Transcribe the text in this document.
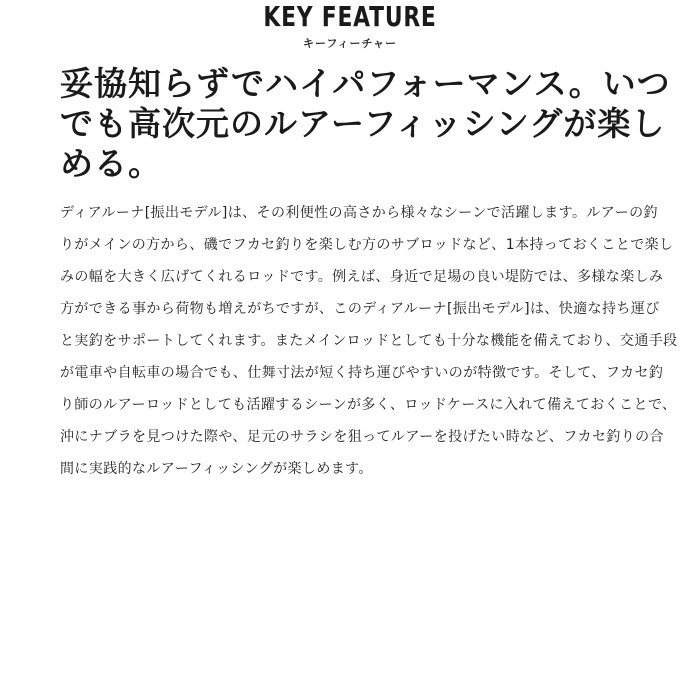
KEY FEATURE
キーフィーチャー
妥協知らずでハイパフォーマンス。いつ
でも高次元のルアーフィッシングが楽し
める。
ディアルーナ[振出モデル]は、その利便性の高さから様々なシーンで活躍します。ルアーの釣
りがメインの方から、磯でフカセ釣りを楽しむ方のサブロッドなど、1本持っておくことで楽し
みの幅を大きく広げてくれるロッドです。例えば、身近で足場の良い堤防では、多様な楽しみ
方ができる事から荷物も増えがちですが、このディアルーナ[振出モデル]は、快適な持ち運び
と実釣をサポートしてくれます。またメインロッドとしても十分な機能を備えており、交通手段
が電車や自転車の場合でも、仕舞寸法が短く持ち運びやすいのが特徴です。そして、フカセ釣
り師のルアーロッドとしても活躍するシーンが多く、ロッドケースに入れて備えておくことで、
沖にナブラを見つけた際や、足元のサラシを狙ってルアーを投げたい時など、フカセ釣りの合
間に実践的なルアーフィッシングが楽しめます。
